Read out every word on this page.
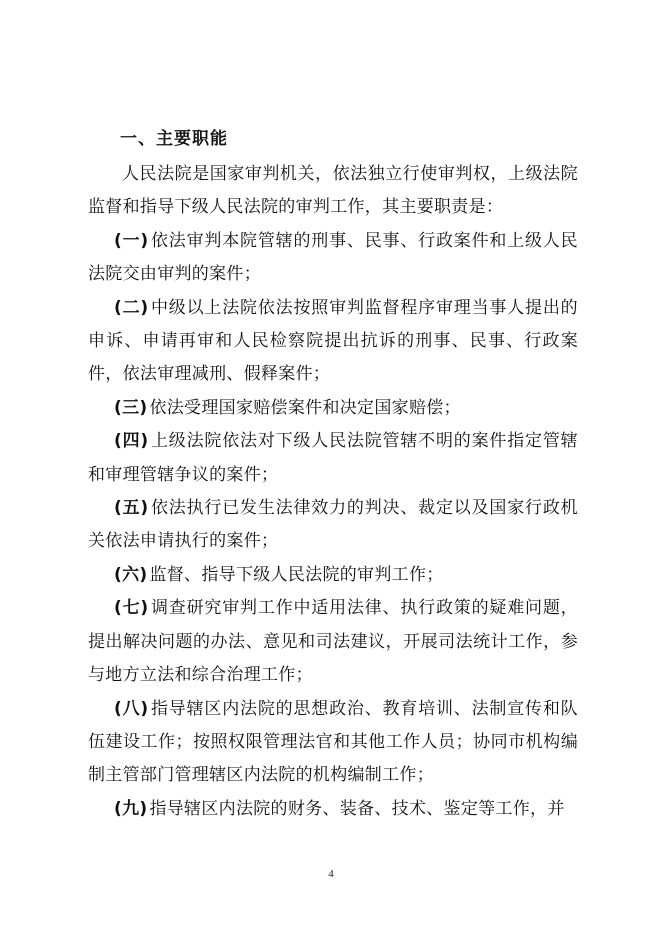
一、主要职能

人民法院是国家审判机关，依法独立行使审判权，上级法院监督和指导下级人民法院的审判工作，其主要职责是：

(一) 依法审判本院管辖的刑事、民事、行政案件和上级人民法院交由审判的案件；

(二) 中级以上法院依法按照审判监督程序审理当事人提出的申诉、申请再审和人民检察院提出抗诉的刑事、民事、行政案件，依法审理减刑、假释案件；

(三) 依法受理国家赔偿案件和决定国家赔偿；

(四) 上级法院依法对下级人民法院管辖不明的案件指定管辖和审理管辖争议的案件；

(五) 依法执行已发生法律效力的判决、裁定以及国家行政机关依法申请执行的案件；

(六) 监督、指导下级人民法院的审判工作；

(七) 调查研究审判工作中适用法律、执行政策的疑难问题，提出解决问题的办法、意见和司法建议，开展司法统计工作，参与地方立法和综合治理工作；

(八) 指导辖区内法院的思想政治、教育培训、法制宣传和队伍建设工作；按照权限管理法官和其他工作人员；协同市机构编制主管部门管理辖区内法院的机构编制工作；

(九) 指导辖区内法院的财务、装备、技术、鉴定等工作，并

4
